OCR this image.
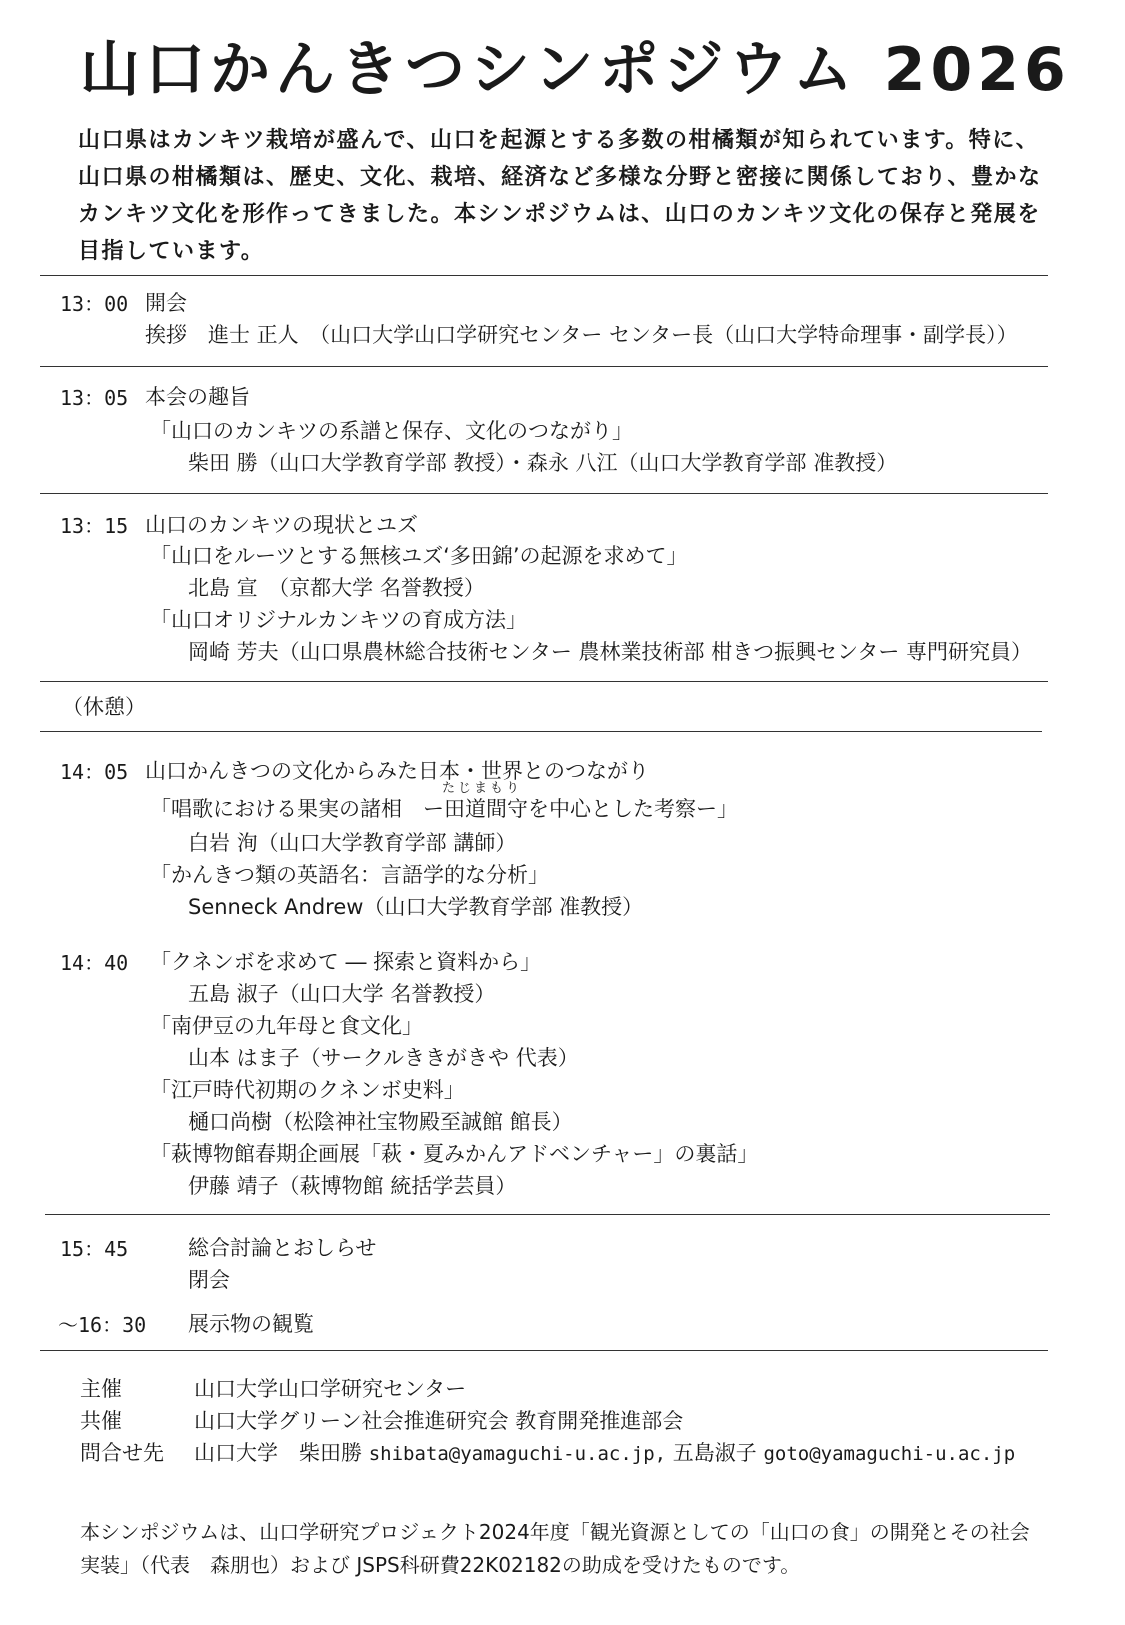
山口かんきつシンポジウム 2026
山口県はカンキツ栽培が盛んで、山口を起源とする多数の柑橘類が知られています。特に、山口県の柑橘類は、歴史、文化、栽培、経済など多様な分野と密接に関係しており、豊かなカンキツ文化を形作ってきました。本シンポジウムは、山口のカンキツ文化の保存と発展を目指しています。
13：00 開会
挨拶　進士 正人　（山口大学山口学研究センター センター長（山口大学特命理事・副学長））
13：05 本会の趣旨
「山口のカンキツの系譜と保存、文化のつながり」
柴田 勝（山口大学教育学部 教授）・森永 八江（山口大学教育学部 准教授）
13：15 山口のカンキツの現状とユズ
「山口をルーツとする無核ユズ‘多田錦’の起源を求めて」
北島 宣　（京都大学 名誉教授）
「山口オリジナルカンキツの育成方法」
岡崎 芳夫（山口県農林総合技術センター 農林業技術部 柑きつ振興センター 専門研究員）
（休憩）
14：05 山口かんきつの文化からみた日本・世界とのつながり
たじまもり
「唱歌における果実の諸相　ー田道間守を中心とした考察ー」
白岩 洵（山口大学教育学部 講師）
「かんきつ類の英語名：言語学的な分析」
Senneck Andrew（山口大学教育学部 准教授）
14：40 「クネンボを求めて ― 探索と資料から」
五島 淑子（山口大学 名誉教授）
「南伊豆の九年母と食文化」
山本 はま子（サークルききがきや 代表）
「江戸時代初期のクネンボ史料」
樋口尚樹（松陰神社宝物殿至誠館 館長）
「萩博物館春期企画展「萩・夏みかんアドベンチャー」の裏話」
伊藤 靖子（萩博物館 統括学芸員）
15：45	総合討論とおしらせ
閉会
～16：30 展示物の観覧
主催	山口大学山口学研究センター
共催	山口大学グリーン社会推進研究会 教育開発推進部会
問合せ先 山口大学　柴田勝 shibata@yamaguchi-u.ac.jp, 五島淑子 goto@yamaguchi-u.ac.jp
本シンポジウムは、山口学研究プロジェクト2024年度「観光資源としての「山口の食」の開発とその社会実装」（代表　森朋也）および JSPS科研費22K02182の助成を受けたものです。
